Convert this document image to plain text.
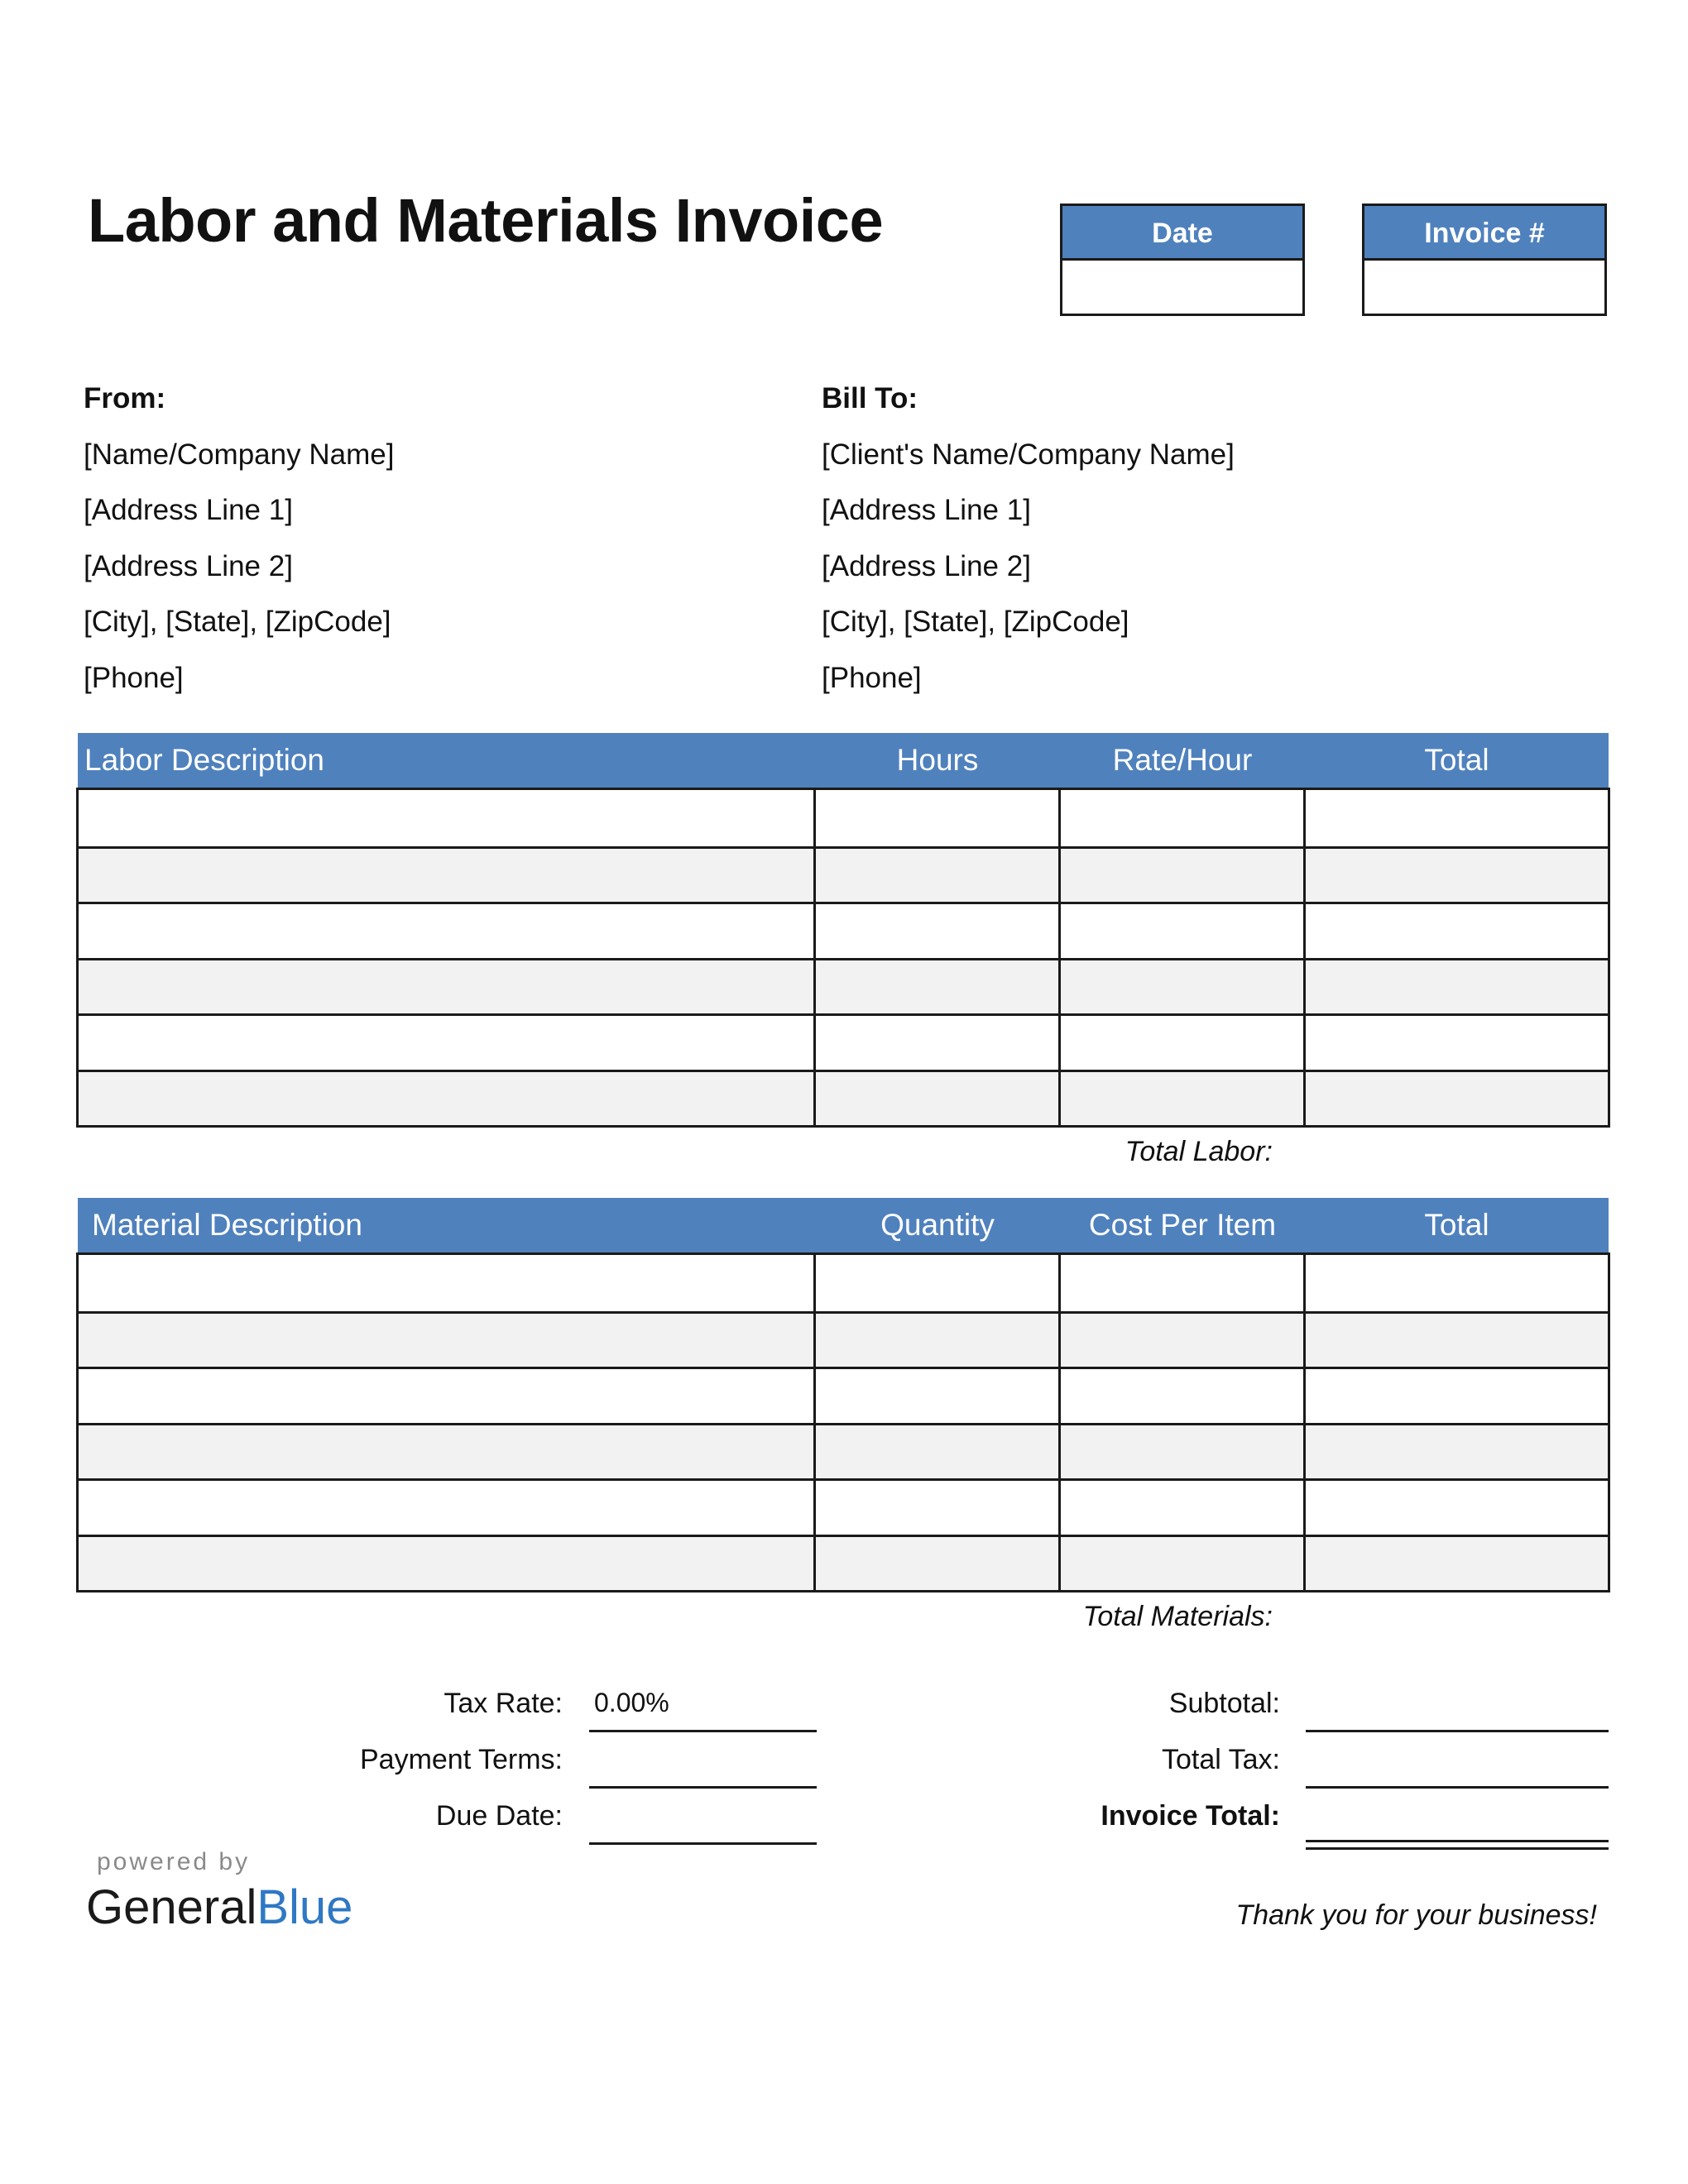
Labor and Materials Invoice	Date	Invoice #
From:
[Name/Company Name]
[Address Line 1]
[Address Line 2]
[City], [State], [ZipCode]
[Phone]
Bill To:
[Client's Name/Company Name]
[Address Line 1]
[Address Line 2]
[City], [State], [ZipCode]
[Phone]
Labor Description	Hours	Rate/Hour	Total
Total Labor:
Material Description	Quantity	Cost Per Item	Total
Total Materials:
Tax Rate: 0.00%
Payment Terms:
Due Date:
Subtotal:
Total Tax:
Invoice Total:
powered by
GeneralBlue	Thank you for your business!
